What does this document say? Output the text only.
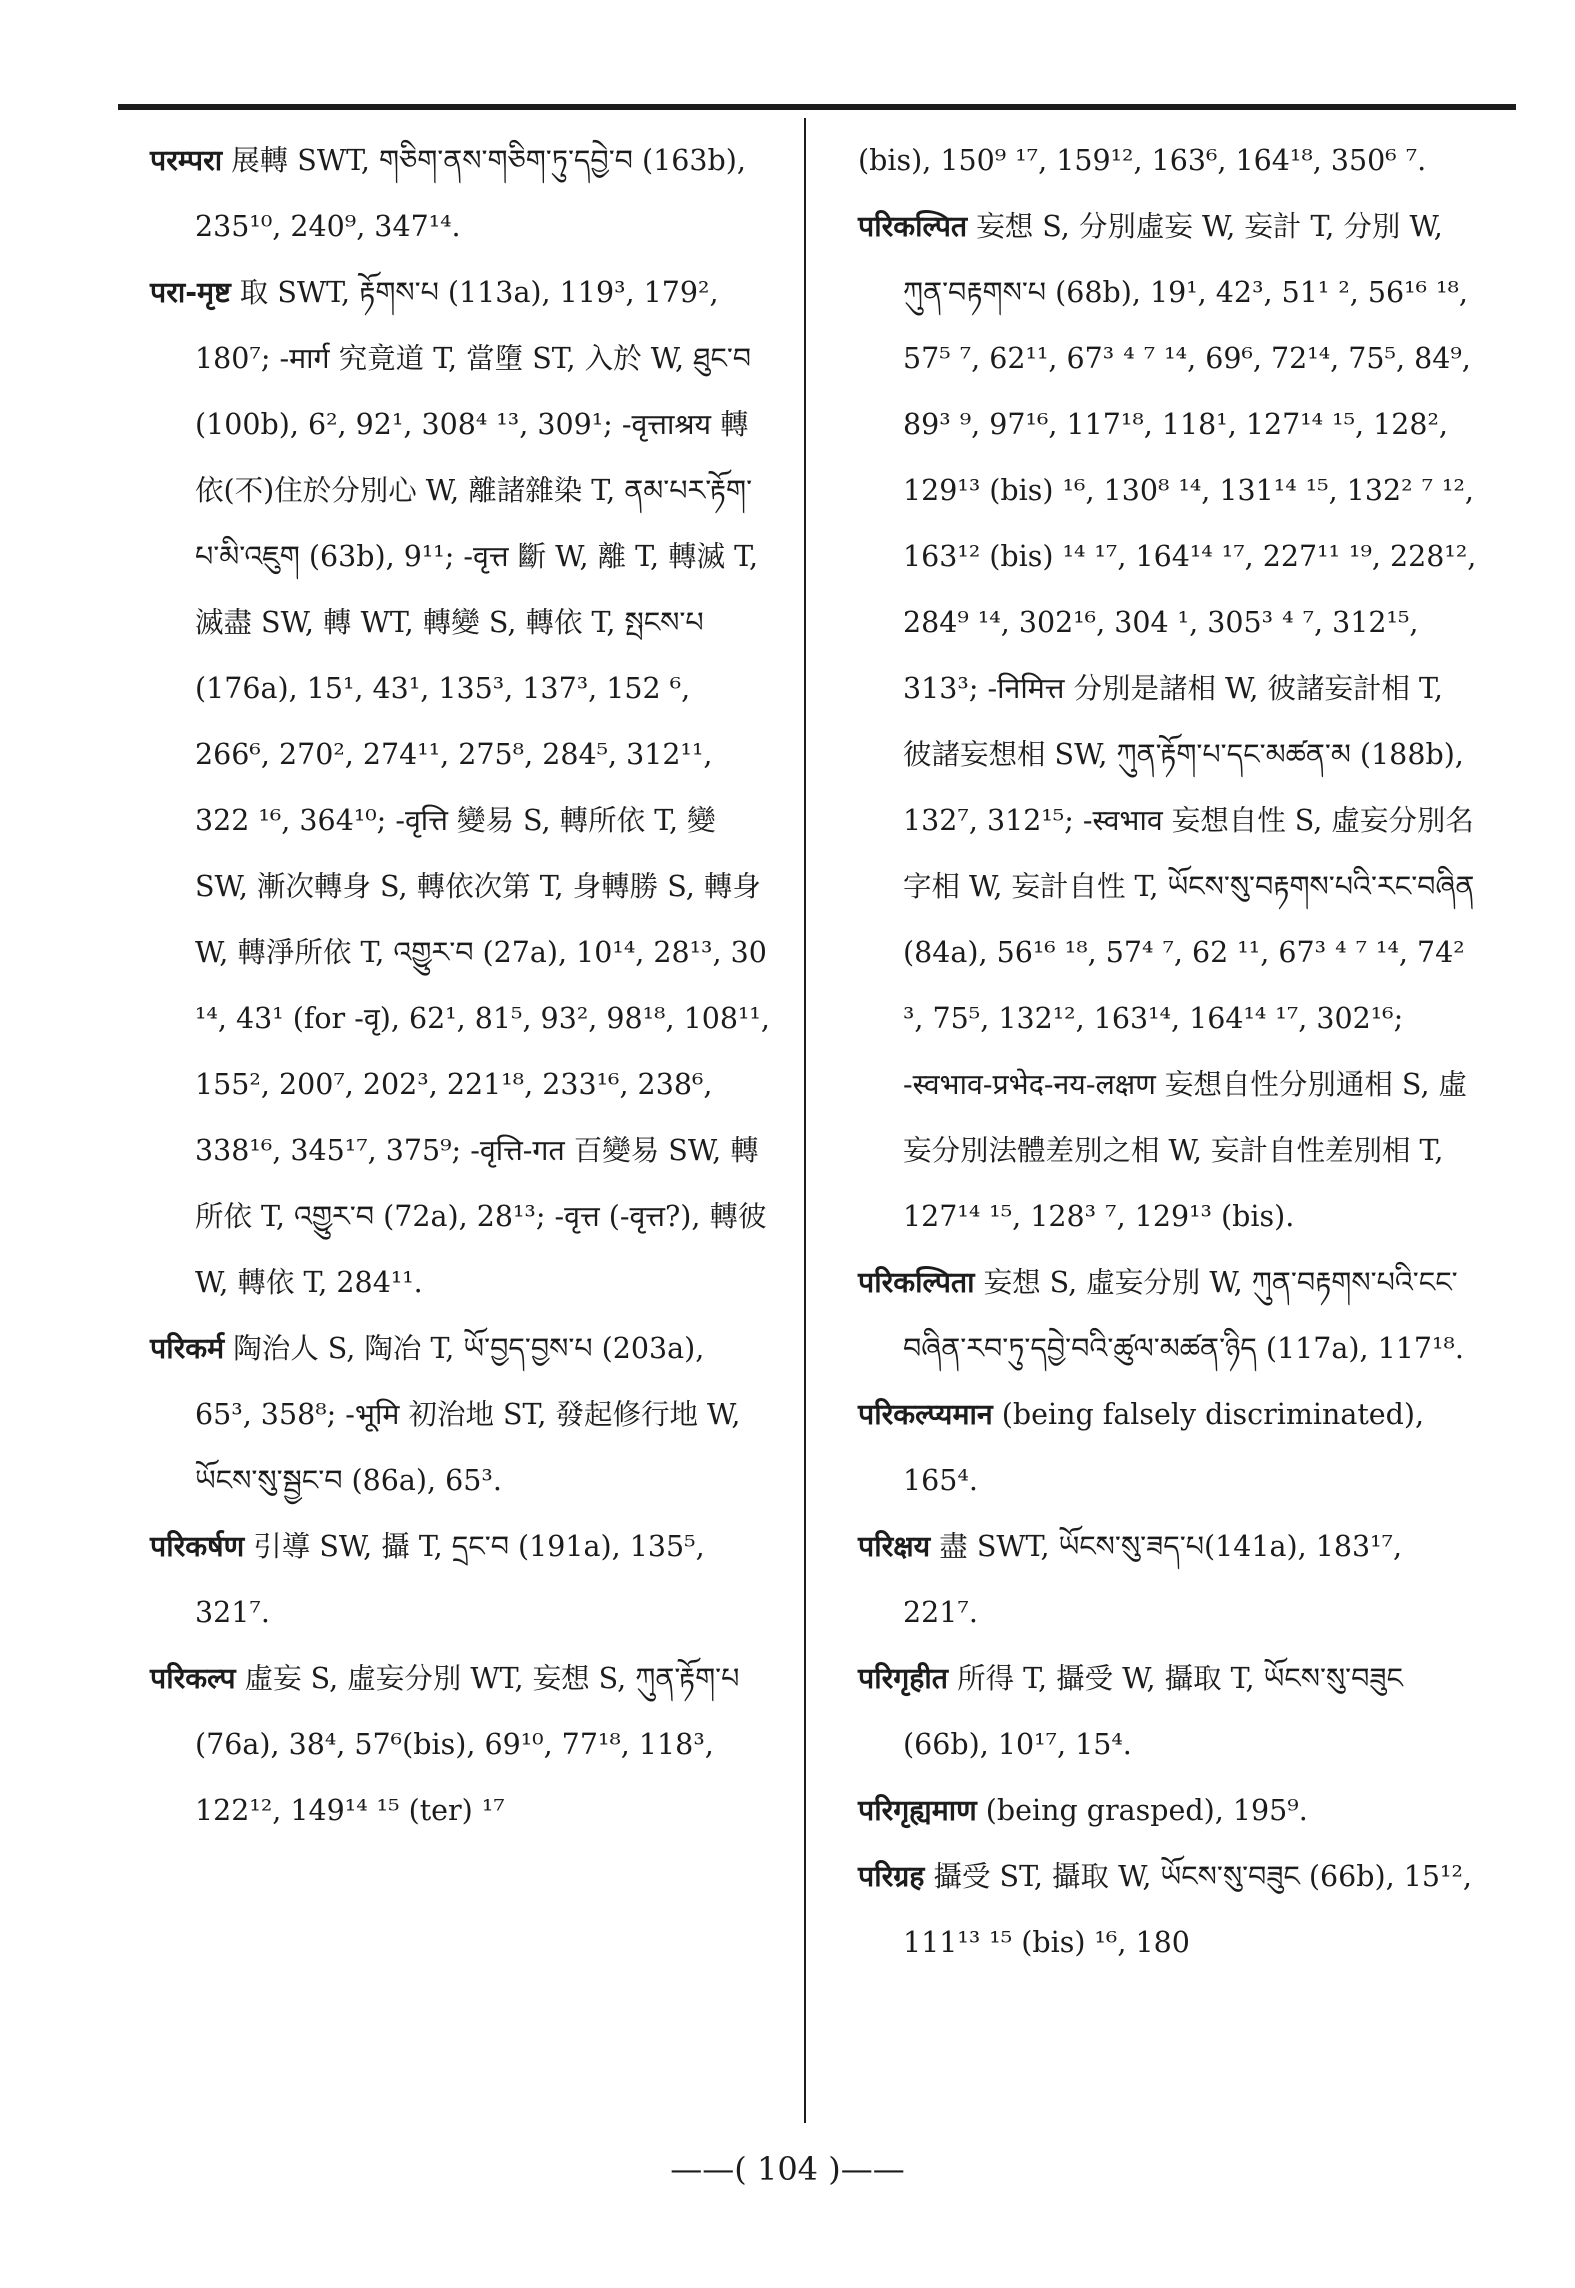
परम्परा 展轉 SWT, གཅིག་ནས་གཅིག་ཏུ་དབྱེ་བ (163b), 235¹⁰, 240⁹, 347¹⁴.

परा-मृष्ट 取 SWT, རྟོགས་པ (113a), 119³, 179², 180⁷; -मार्ग 究竟道 T, 當墮 ST, 入於 W, ཐུང་བ (100b), 6², 92¹, 308⁴ ¹³, 309¹; -वृत्ताश्रय 轉依(不)住於分別心 W, 離諸雜染 T, ནམ་པར་རྟོག་པ་མི་འཇུག (63b), 9¹¹; -वृत्त 斷 W, 離 T, 轉滅 T, 滅盡 SW, 轉 WT, 轉變 S, 轉依 T, སྤངས་པ (176a), 15¹, 43¹, 135³, 137³, 152 ⁶, 266⁶, 270², 274¹¹, 275⁸, 284⁵, 312¹¹, 322 ¹⁶, 364¹⁰; -वृत्ति 變易 S, 轉所依 T, 變 SW, 漸次轉身 S, 轉依次第 T, 身轉勝 S, 轉身 W, 轉淨所依 T, འགྱུར་བ (27a), 10¹⁴, 28¹³, 30 ¹⁴, 43¹ (for -वृ), 62¹, 81⁵, 93², 98¹⁸, 108¹¹, 155², 200⁷, 202³, 221¹⁸, 233¹⁶, 238⁶, 338¹⁶, 345¹⁷, 375⁹; -वृत्ति-गत 百變易 SW, 轉所依 T, འགྱུར་བ (72a), 28¹³; -वृत्त (-वृत्त?), 轉彼 W, 轉依 T, 284¹¹.

परिकर्म 陶治人 S, 陶冶 T, ཡོ་བྱད་བྱས་པ (203a), 65³, 358⁸; -भूमि 初治地 ST, 發起修行地 W, ཡོངས་སུ་སྦྱང་བ (86a), 65³.

परिकर्षण 引導 SW, 攝 T, དྲང་བ (191a), 135⁵, 321⁷.

परिकल्प 虛妄 S, 虛妄分別 WT, 妄想 S, ཀུན་རྟོག་པ (76a), 38⁴, 57⁶(bis), 69¹⁰, 77¹⁸, 118³, 122¹², 149¹⁴ ¹⁵ (ter) ¹⁷

(bis), 150⁹ ¹⁷, 159¹², 163⁶, 164¹⁸, 350⁶ ⁷.

परिकल्पित 妄想 S, 分別虛妄 W, 妄計 T, 分別 W, ཀུན་བརྟགས་པ (68b), 19¹, 42³, 51¹ ², 56¹⁶ ¹⁸, 57⁵ ⁷, 62¹¹, 67³ ⁴ ⁷ ¹⁴, 69⁶, 72¹⁴, 75⁵, 84⁹, 89³ ⁹, 97¹⁶, 117¹⁸, 118¹, 127¹⁴ ¹⁵, 128², 129¹³ (bis) ¹⁶, 130⁸ ¹⁴, 131¹⁴ ¹⁵, 132² ⁷ ¹², 163¹² (bis) ¹⁴ ¹⁷, 164¹⁴ ¹⁷, 227¹¹ ¹⁹, 228¹², 284⁹ ¹⁴, 302¹⁶, 304 ¹, 305³ ⁴ ⁷, 312¹⁵, 313³; -निमित्त 分別是諸相 W, 彼諸妄計相 T, 彼諸妄想相 SW, ཀུན་རྟོག་པ་དང་མཚན་མ (188b), 132⁷, 312¹⁵; -स्वभाव 妄想自性 S, 虛妄分別名字相 W, 妄計自性 T, ཡོངས་སུ་བརྟགས་པའི་རང་བཞིན (84a), 56¹⁶ ¹⁸, 57⁴ ⁷, 62 ¹¹, 67³ ⁴ ⁷ ¹⁴, 74² ³, 75⁵, 132¹², 163¹⁴, 164¹⁴ ¹⁷, 302¹⁶; -स्वभाव-प्रभेद-नय-लक्षण 妄想自性分別通相 S, 虛妄分別法體差別之相 W, 妄計自性差別相 T, 127¹⁴ ¹⁵, 128³ ⁷, 129¹³ (bis).

परिकल्पिता 妄想 S, 虛妄分別 W, ཀུན་བརྟགས་པའི་ངང་བཞིན་རབ་ཏུ་དབྱེ་བའི་ཚུལ་མཚན་ཉིད (117a), 117¹⁸.

परिकल्प्यमान (being falsely discriminated), 165⁴.

परिक्षय 盡 SWT, ཡོངས་སུ་ཟད་པ(141a), 183¹⁷, 221⁷.

परिगृहीत 所得 T, 攝受 W, 攝取 T, ཡོངས་སུ་བཟུང (66b), 10¹⁷, 15⁴.

परिगृह्यमाण (being grasped), 195⁹.

परिग्रह 攝受 ST, 攝取 W, ཡོངས་སུ་བཟུང (66b), 15¹², 111¹³ ¹⁵ (bis) ¹⁶, 180

——( 104 )——
